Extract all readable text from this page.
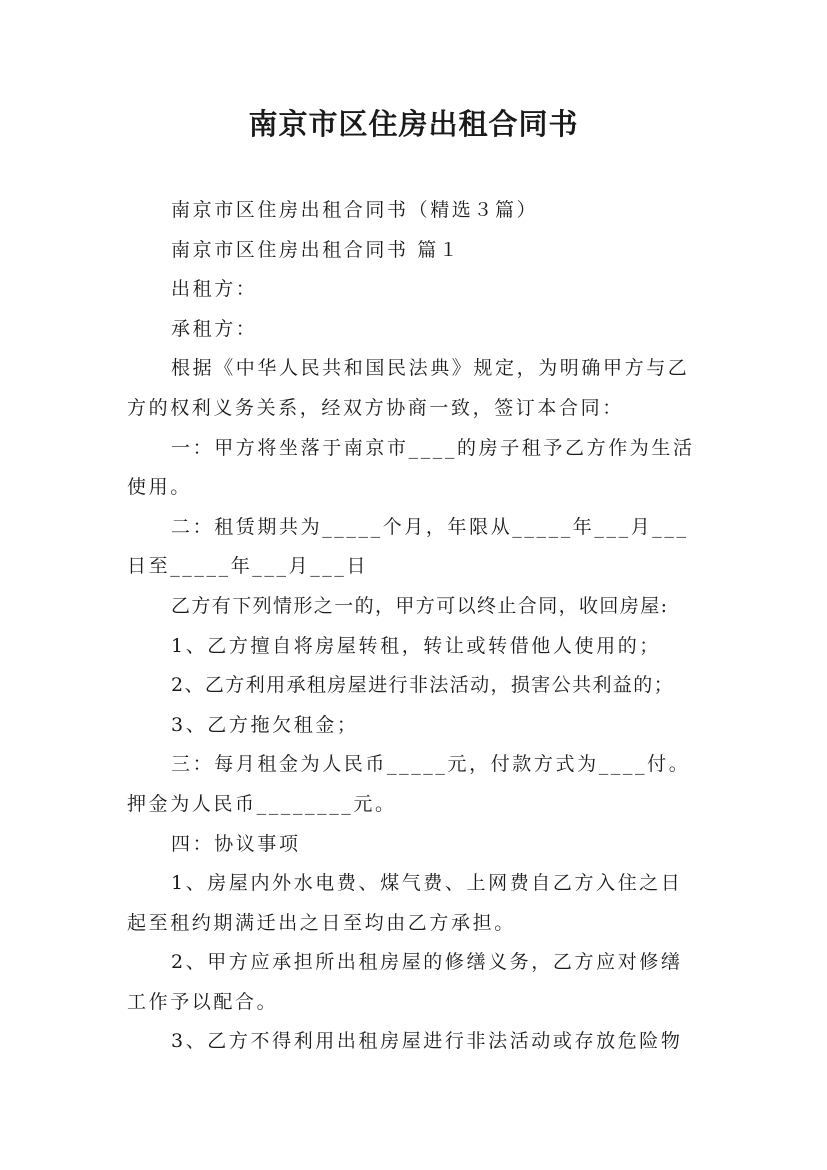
南京市区住房出租合同书

南京市区住房出租合同书（精选３篇）

南京市区住房出租合同书 篇１

出租方：

承租方：

根据《中华人民共和国民法典》规定，为明确甲方与乙方的权利义务关系，经双方协商一致，签订本合同：

一：甲方将坐落于南京市____的房子租予乙方作为生活使用。

二：租赁期共为_____个月，年限从_____年___月___日至_____年___月___日

乙方有下列情形之一的，甲方可以终止合同，收回房屋:

1、乙方擅自将房屋转租，转让或转借他人使用的；

2、乙方利用承租房屋进行非法活动，损害公共利益的；

3、乙方拖欠租金；

三：每月租金为人民币_____元，付款方式为____付。押金为人民币________元。

四：协议事项

1、房屋内外水电费、煤气费、上网费自乙方入住之日起至租约期满迁出之日至均由乙方承担。

2、甲方应承担所出租房屋的修缮义务，乙方应对修缮工作予以配合。

3、乙方不得利用出租房屋进行非法活动或存放危险物
